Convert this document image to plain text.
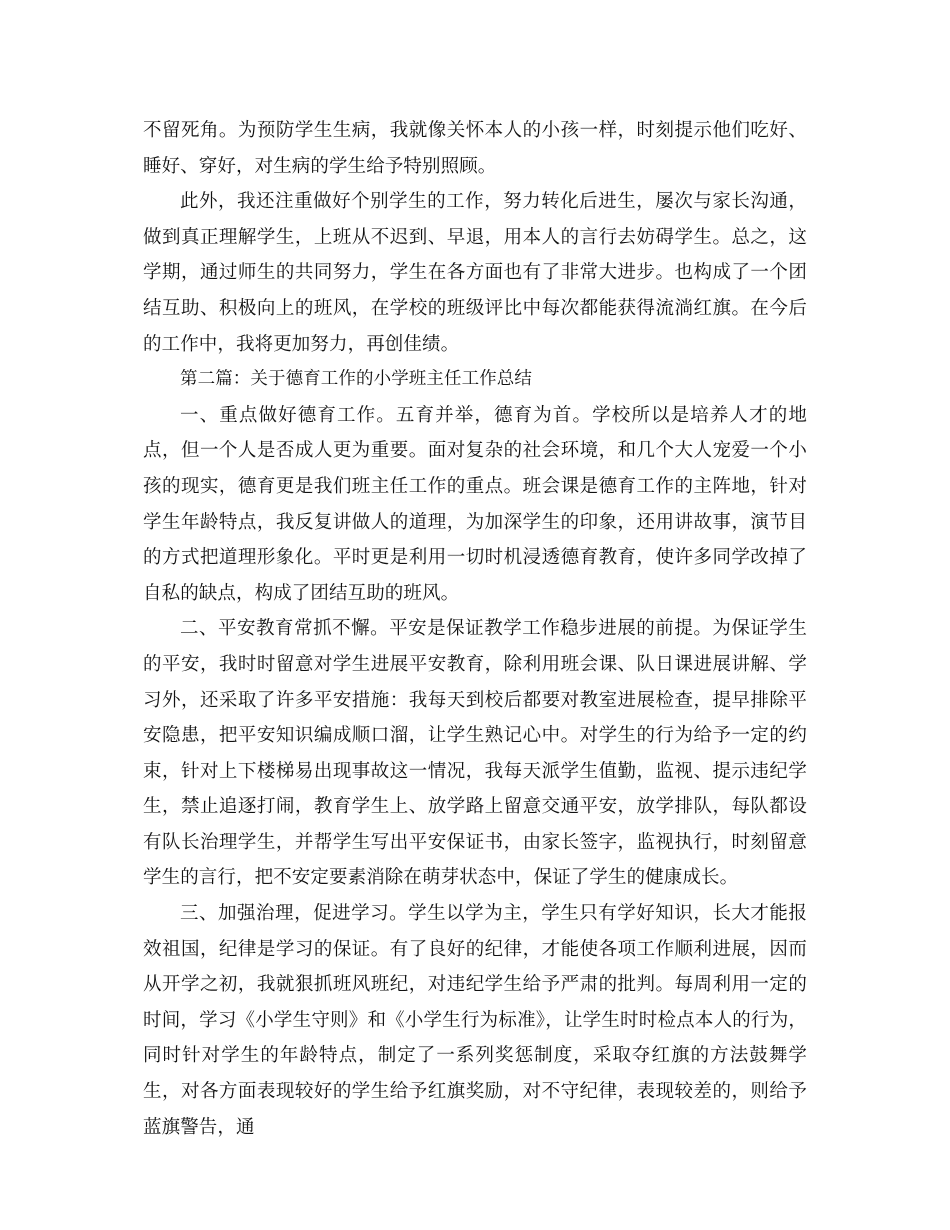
不留死角。为预防学生生病，我就像关怀本人的小孩一样，时刻提示他们吃好、睡好、穿好，对生病的学生给予特别照顾。

此外，我还注重做好个别学生的工作，努力转化后进生，屡次与家长沟通，做到真正理解学生，上班从不迟到、早退，用本人的言行去妨碍学生。总之，这学期，通过师生的共同努力，学生在各方面也有了非常大进步。也构成了一个团结互助、积极向上的班风，在学校的班级评比中每次都能获得流淌红旗。在今后的工作中，我将更加努力，再创佳绩。

第二篇：关于德育工作的小学班主任工作总结

一、重点做好德育工作。五育并举，德育为首。学校所以是培养人才的地点，但一个人是否成人更为重要。面对复杂的社会环境，和几个大人宠爱一个小孩的现实，德育更是我们班主任工作的重点。班会课是德育工作的主阵地，针对学生年龄特点，我反复讲做人的道理，为加深学生的印象，还用讲故事，演节目的方式把道理形象化。平时更是利用一切时机浸透德育教育，使许多同学改掉了自私的缺点，构成了团结互助的班风。

二、平安教育常抓不懈。平安是保证教学工作稳步进展的前提。为保证学生的平安，我时时留意对学生进展平安教育，除利用班会课、队日课进展讲解、学习外，还采取了许多平安措施：我每天到校后都要对教室进展检查，提早排除平安隐患，把平安知识编成顺口溜，让学生熟记心中。对学生的行为给予一定的约束，针对上下楼梯易出现事故这一情况，我每天派学生值勤，监视、提示违纪学生，禁止追逐打闹，教育学生上、放学路上留意交通平安，放学排队，每队都设有队长治理学生，并帮学生写出平安保证书，由家长签字，监视执行，时刻留意学生的言行，把不安定要素消除在萌芽状态中，保证了学生的健康成长。

三、加强治理，促进学习。学生以学为主，学生只有学好知识，长大才能报效祖国，纪律是学习的保证。有了良好的纪律，才能使各项工作顺利进展，因而从开学之初，我就狠抓班风班纪，对违纪学生给予严肃的批判。每周利用一定的时间，学习《小学生守则》和《小学生行为标准》，让学生时时检点本人的行为，同时针对学生的年龄特点，制定了一系列奖惩制度，采取夺红旗的方法鼓舞学生，对各方面表现较好的学生给予红旗奖励，对不守纪律，表现较差的，则给予蓝旗警告，通
